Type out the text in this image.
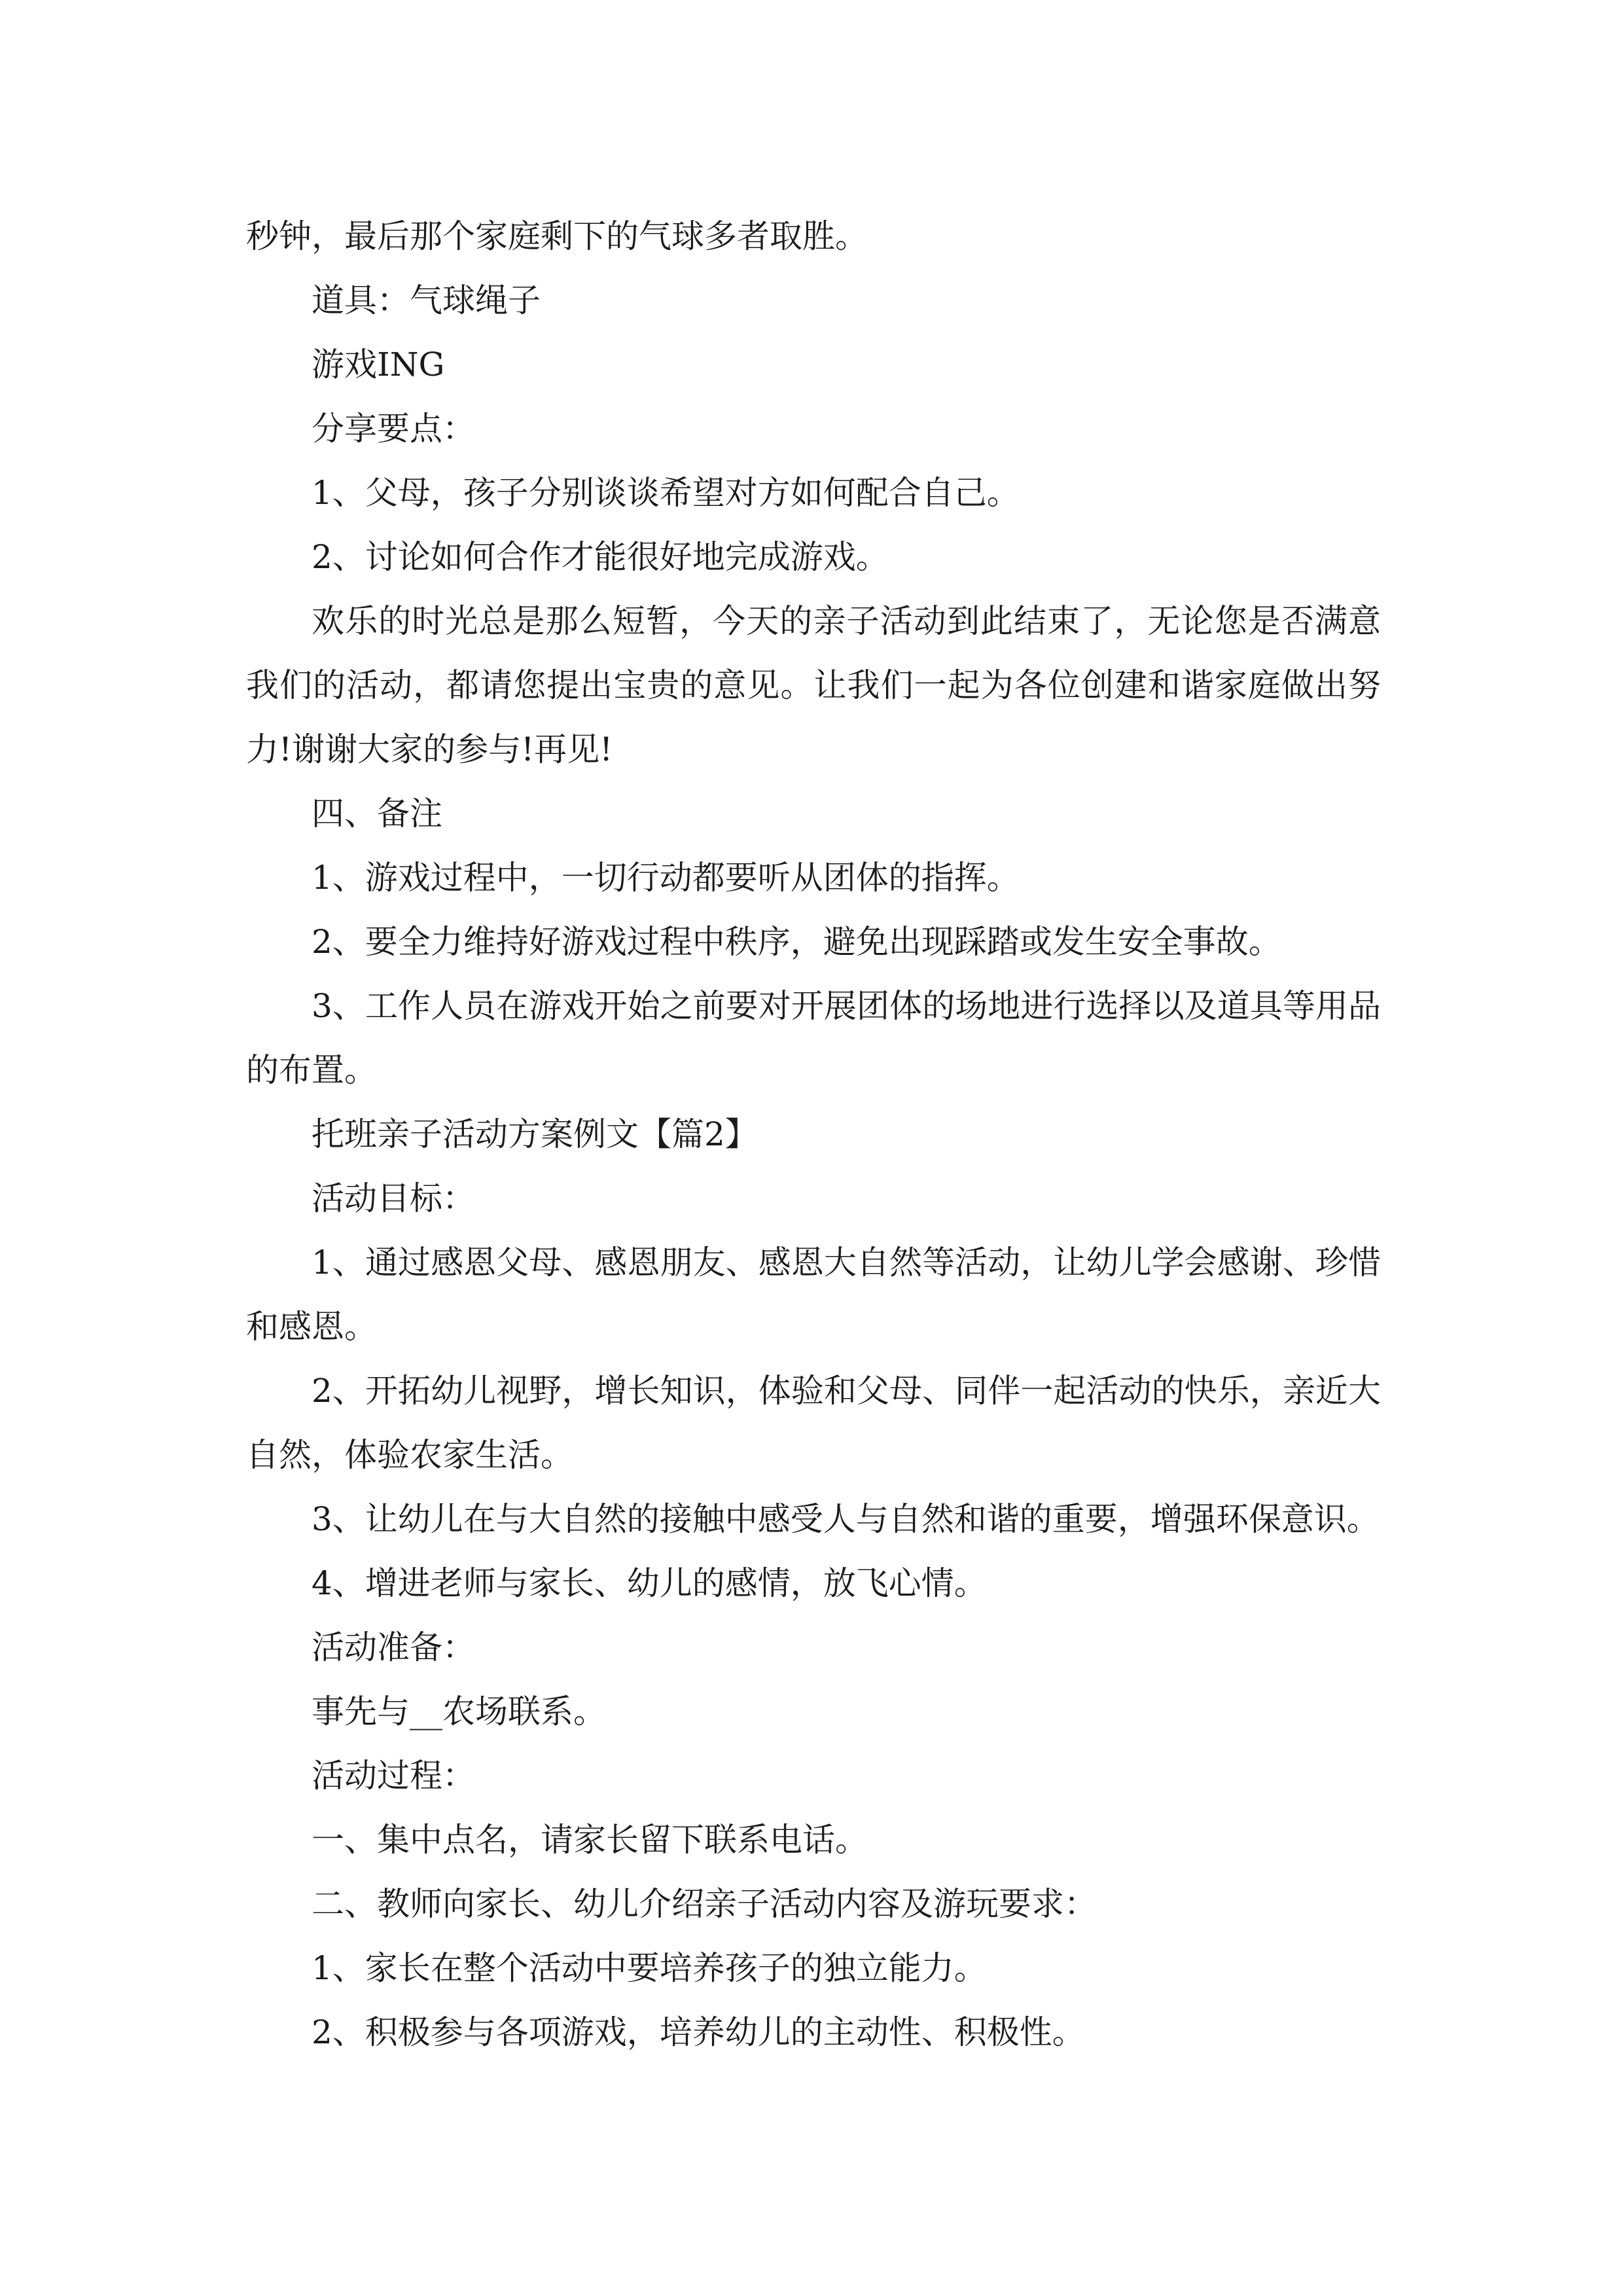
秒钟，最后那个家庭剩下的气球多者取胜。

道具：气球绳子

游戏ING

分享要点：

1、父母，孩子分别谈谈希望对方如何配合自己。

2、讨论如何合作才能很好地完成游戏。

欢乐的时光总是那么短暂，今天的亲子活动到此结束了，无论您是否满意我们的活动，都请您提出宝贵的意见。让我们一起为各位创建和谐家庭做出努力!谢谢大家的参与!再见!

四、备注

1、游戏过程中，一切行动都要听从团体的指挥。

2、要全力维持好游戏过程中秩序，避免出现踩踏或发生安全事故。

3、工作人员在游戏开始之前要对开展团体的场地进行选择以及道具等用品的布置。

托班亲子活动方案例文【篇2】

活动目标：

1、通过感恩父母、感恩朋友、感恩大自然等活动，让幼儿学会感谢、珍惜和感恩。

2、开拓幼儿视野，增长知识，体验和父母、同伴一起活动的快乐，亲近大自然，体验农家生活。

3、让幼儿在与大自然的接触中感受人与自然和谐的重要，增强环保意识。

4、增进老师与家长、幼儿的感情，放飞心情。

活动准备：

事先与__农场联系。

活动过程：

一、集中点名，请家长留下联系电话。

二、教师向家长、幼儿介绍亲子活动内容及游玩要求：

1、家长在整个活动中要培养孩子的独立能力。

2、积极参与各项游戏，培养幼儿的主动性、积极性。
